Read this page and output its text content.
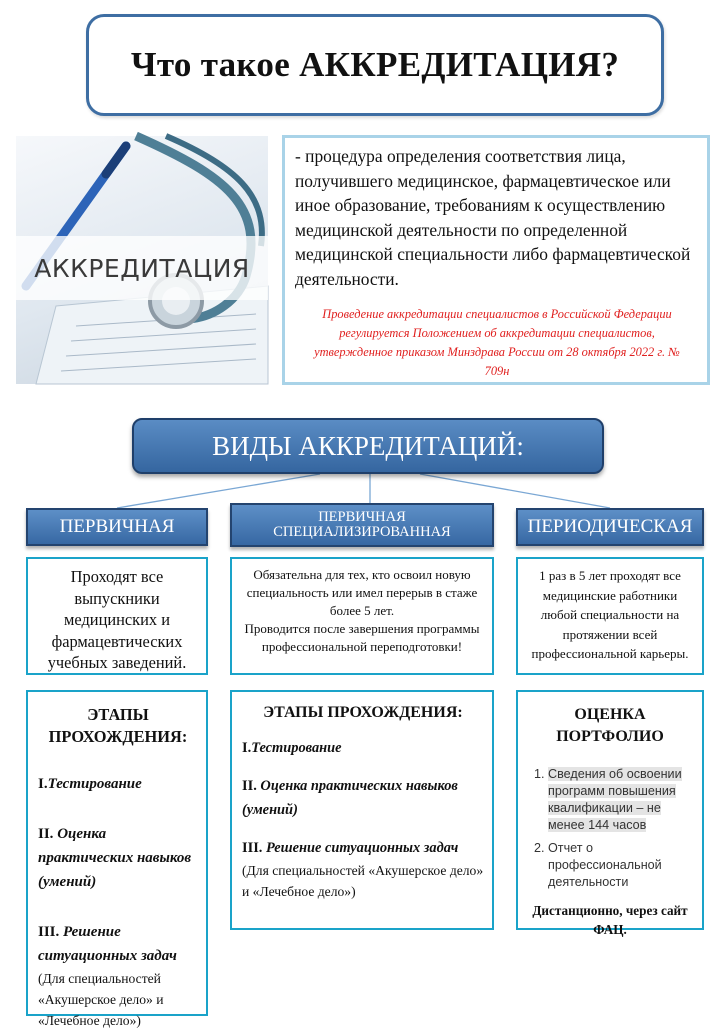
Что такое АККРЕДИТАЦИЯ?
АККРЕДИТАЦИЯ
- процедура определения соответствия лица, получившего медицинское, фармацевтическое или иное образование, требованиям к осуществлению медицинской деятельности по определенной медицинской специальности либо фармацевтической деятельности.
Проведение аккредитации специалистов в Российской Федерации регулируется Положением об аккредитации специалистов, утвержденное приказом Минздрава России от 28 октября 2022 г. № 709н
ВИДЫ АККРЕДИТАЦИЙ:
ПЕРВИЧНАЯ	ПЕРВИЧНАЯ СПЕЦИАЛИЗИРОВАННАЯ	ПЕРИОДИЧЕСКАЯ
Проходят все выпускники медицинских и фармацевтических учебных заведений.
Обязательна для тех, кто освоил новую специальность или имел перерыв в стаже более 5 лет.
Проводится после завершения программы профессиональной переподготовки!
1 раз в 5 лет проходят все медицинские работники любой специальности на протяжении всей профессиональной карьеры.
ЭТАПЫ ПРОХОЖДЕНИЯ:
I.Тестирование
II. Оценка практических навыков (умений)
III. Решение ситуационных задач
(Для специальностей «Акушерское дело» и «Лечебное дело»)
ЭТАПЫ ПРОХОЖДЕНИЯ:
I.Тестирование
II. Оценка практических навыков (умений)
III. Решение ситуационных задач
(Для специальностей «Акушерское дело» и «Лечебное дело»)
ОЦЕНКА ПОРТФОЛИО
1. Сведения об освоении программ повышения квалификации – не менее 144 часов
2. Отчет о профессиональной деятельности
Дистанционно, через сайт ФАЦ.
